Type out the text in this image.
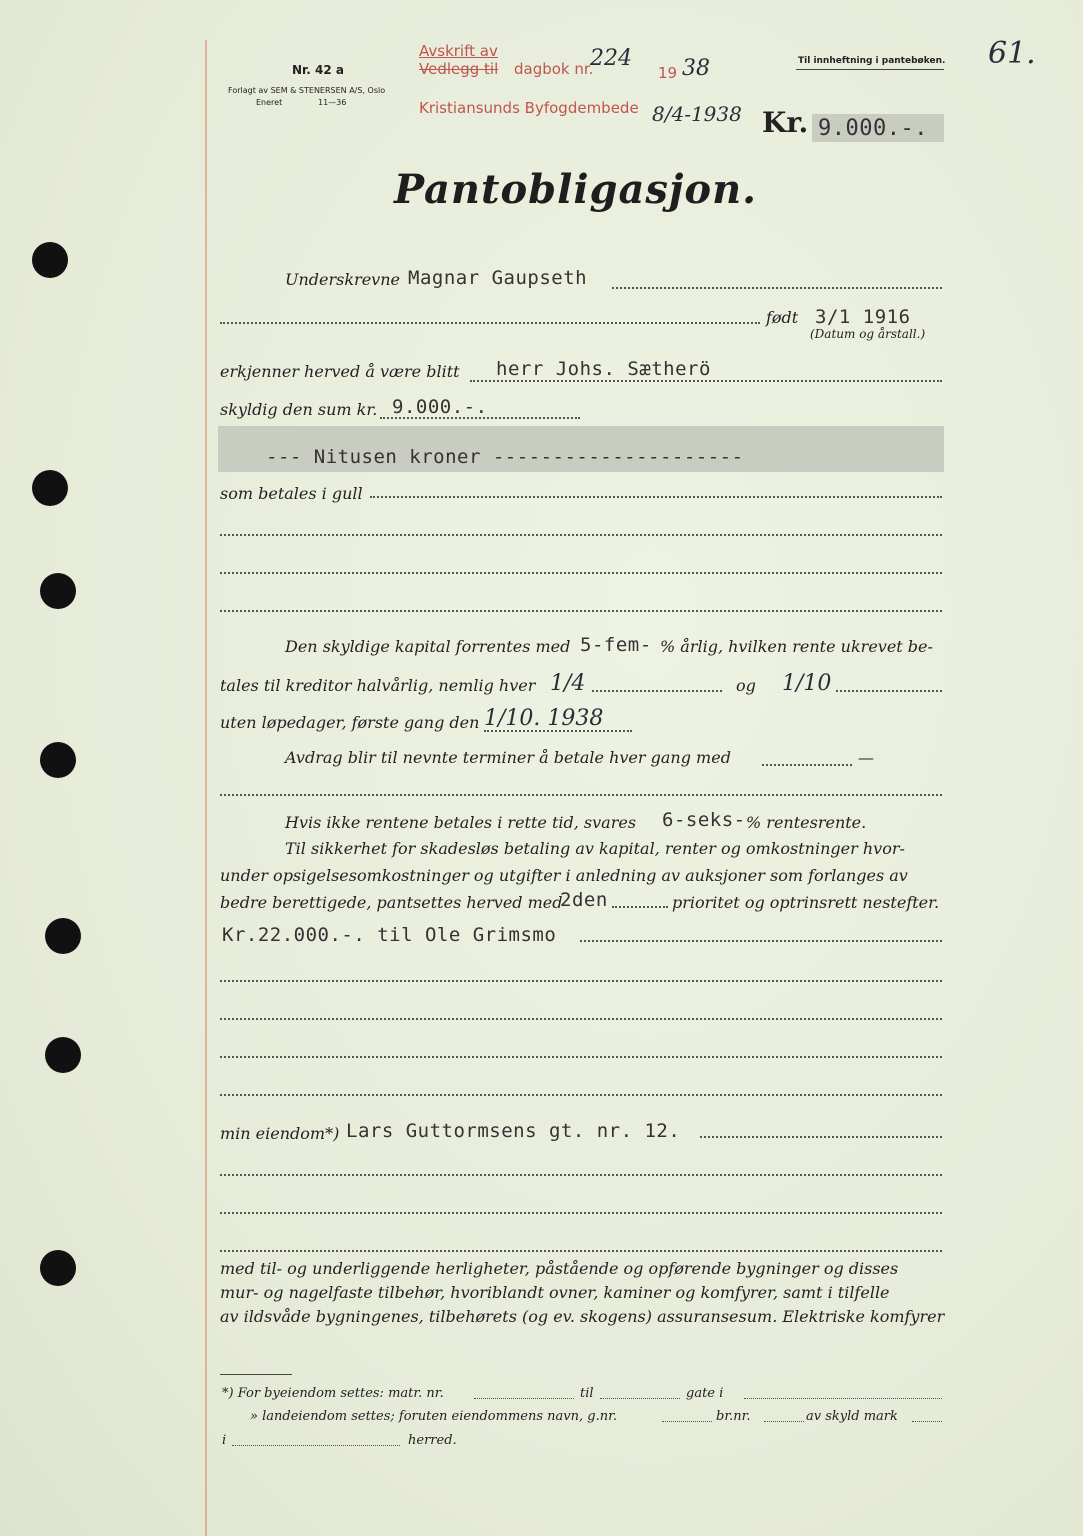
Nr. 42 a
Forlagt av SEM & STENERSEN A/S, Oslo
Eneret	11—36
Avskrift av
Vedlegg til dagbok nr.
224
19 38
Kristiansunds Byfogdembede 8/4-1938 Kr. 9.000.-.
Til innheftning i pantebøken. 61.
Pantobligasjon.
Underskrevne Magnar Gaupseth
født 3/1 1916
(Datum og årstall.)
erkjenner herved å være blitt herr Johs. Sætherö
skyldig den sum kr. 9.000.-.
--- Nitusen kroner ---------------------
som betales i gull
Den skyldige kapital forrentes med 5-fem- % årlig, hvilken rente ukrevet be-
tales til kreditor halvårlig, nemlig hver 1/4	og 1/10
uten løpedager, første gang den 1/10. 1938
Avdrag blir til nevnte terminer å betale hver gang med	—
Hvis ikke rentene betales i rette tid, svares 6-seks- % rentesrente.
Til sikkerhet for skadesløs betaling av kapital, renter og omkostninger hvor-
under opsigelsesomkostninger og utgifter i anledning av auksjoner som forlanges av
bedre berettigede, pantsettes herved med
2den	prioritet og optrinsrett nestefter.
Kr.22.000.-. til Ole Grimsmo
min eiendom*) Lars Guttormsens gt. nr. 12.
med til- og underliggende herligheter, påstående og opførende bygninger og disses
mur- og nagelfaste tilbehør, hvoriblandt ovner, kaminer og komfyrer, samt i tilfelle
av ildsvåde bygningenes, tilbehørets (og ev. skogens) assuransesum. Elektriske komfyrer
*) For byeiendom settes: matr. nr.	til	gate i
» landeiendom settes; foruten eiendommens navn, g.nr.	br.nr.	av skyld mark
i	herred.
